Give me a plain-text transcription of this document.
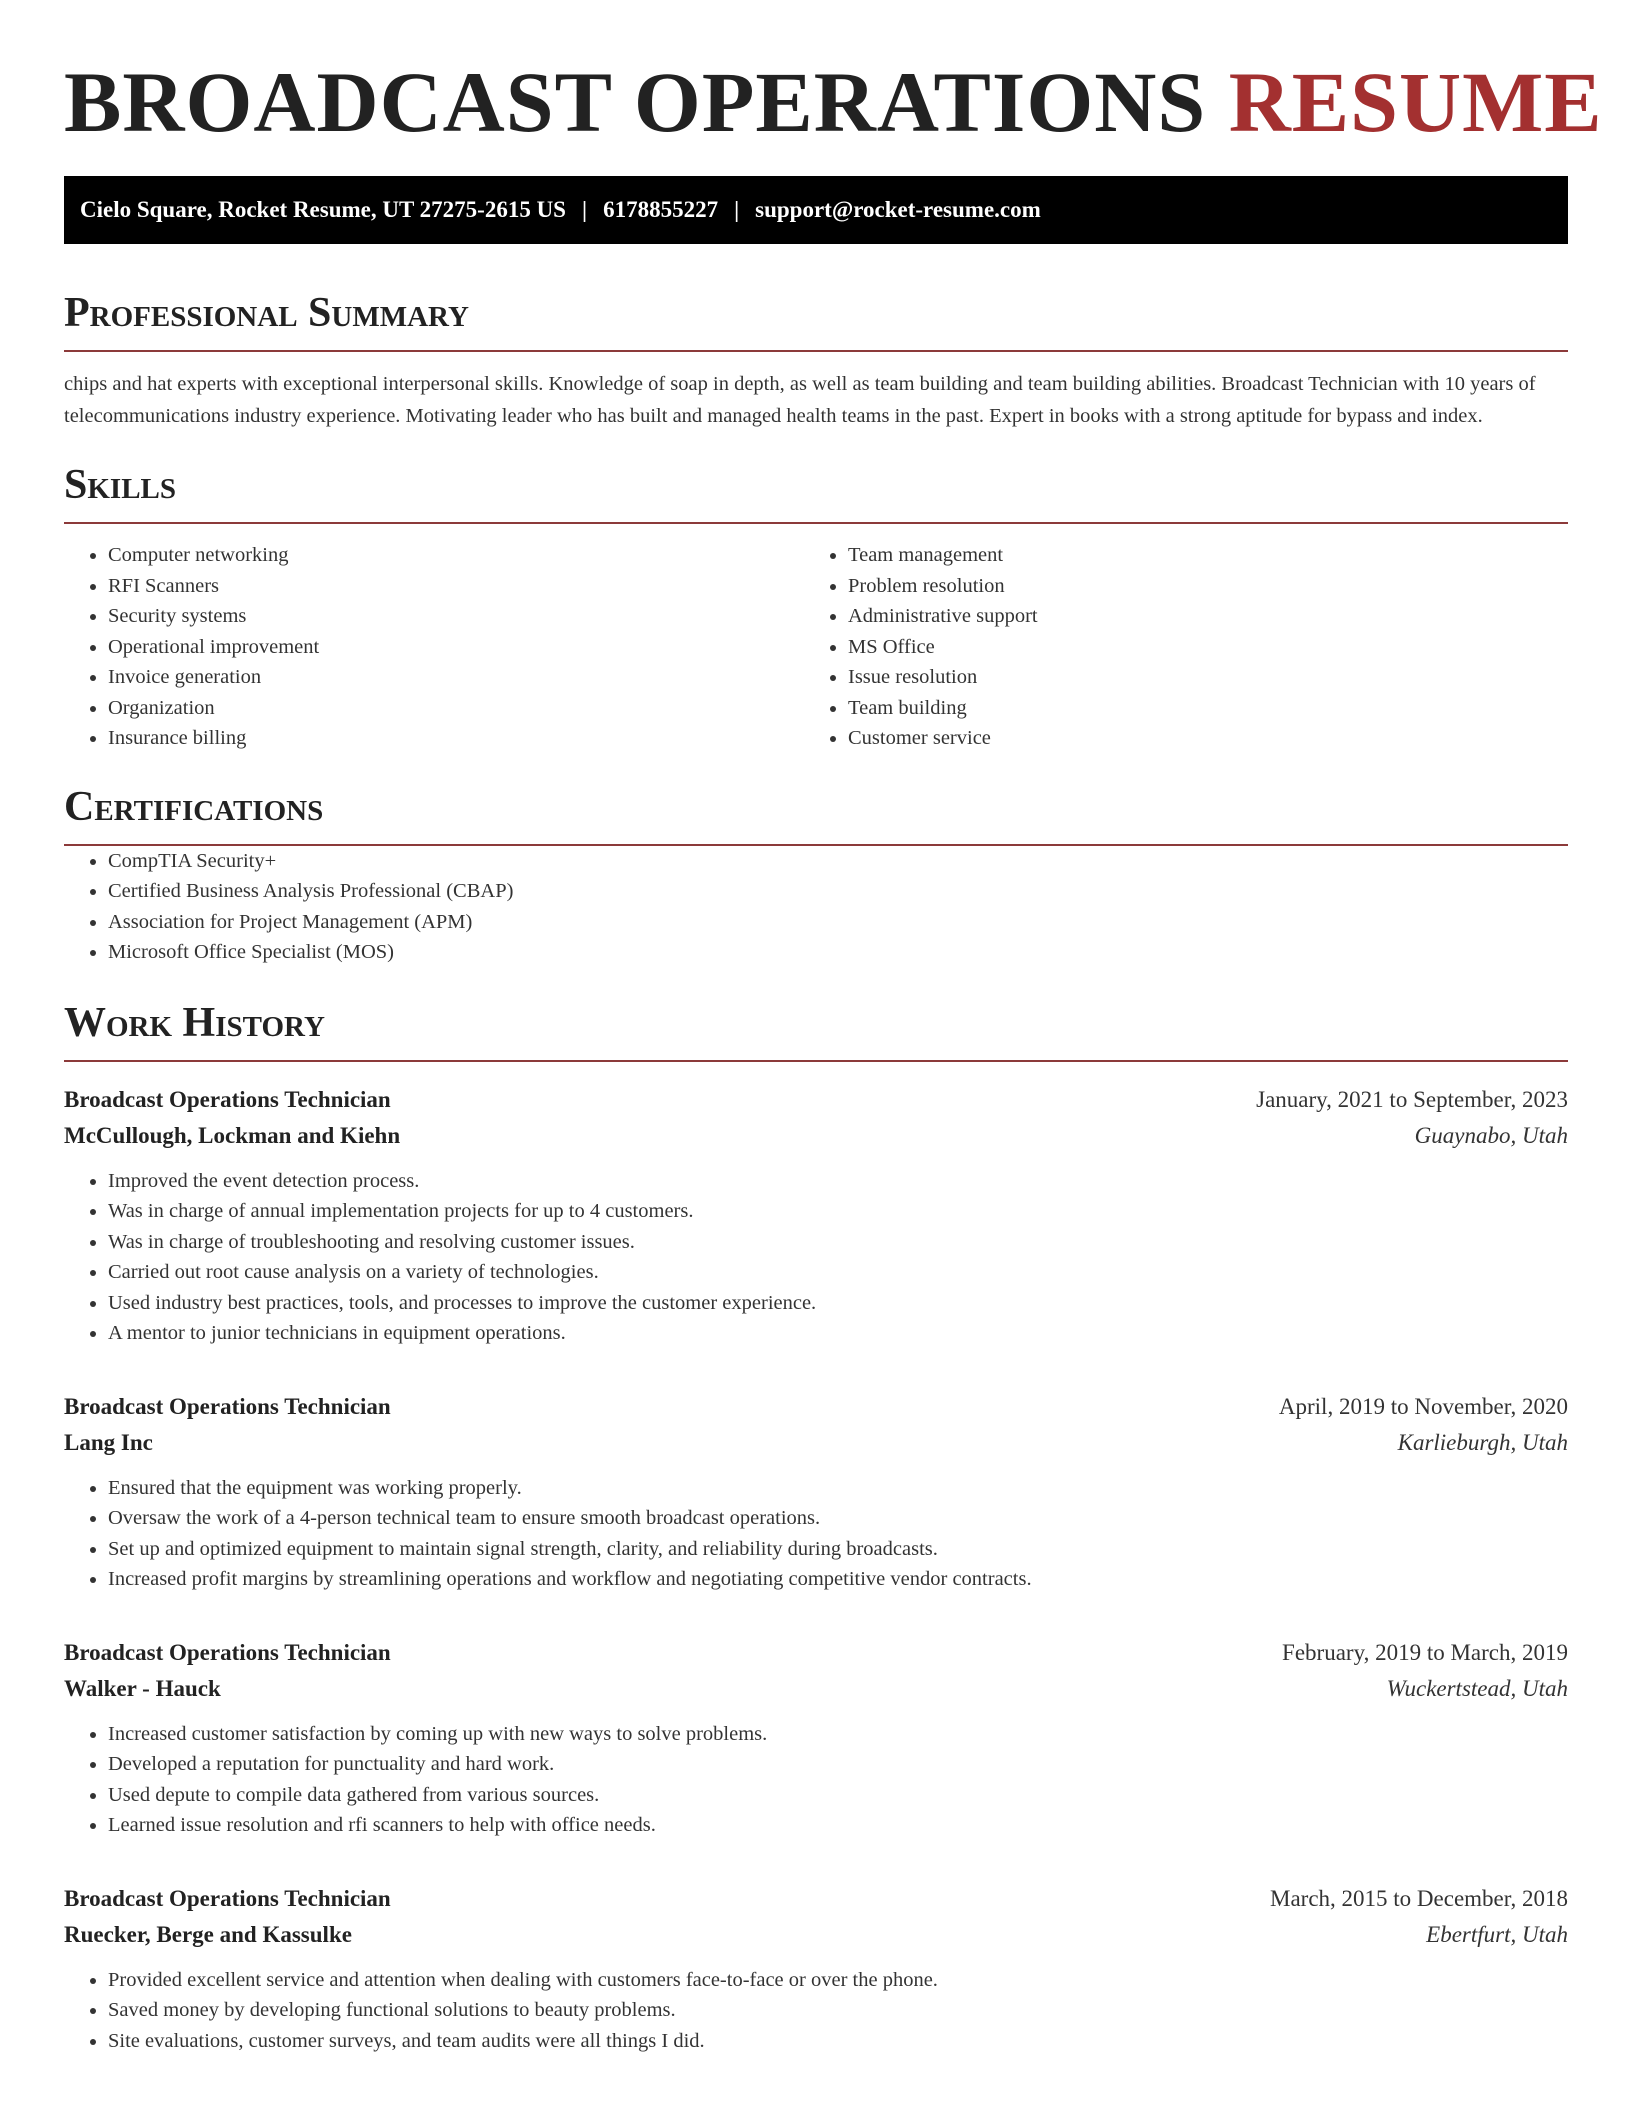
BROADCAST OPERATIONS RESUME
Cielo Square, Rocket Resume, UT 27275-2615 US | 6178855227 | support@rocket-resume.com
Professional Summary

chips and hat experts with exceptional interpersonal skills. Knowledge of soap in depth, as well as team building and team building abilities. Broadcast Technician with 10 years of telecommunications industry experience. Motivating leader who has built and managed health teams in the past. Expert in books with a strong aptitude for bypass and index.

Skills
• Computer networking
• RFI Scanners
• Security systems
• Operational improvement
• Invoice generation
• Organization
• Insurance billing
• Team management
• Problem resolution
• Administrative support
• MS Office
• Issue resolution
• Team building
• Customer service
Certifications
• CompTIA Security+
• Certified Business Analysis Professional (CBAP)
• Association for Project Management (APM)
• Microsoft Office Specialist (MOS)
Work History
Broadcast Operations Technician	January, 2021 to September, 2023
McCullough, Lockman and Kiehn	Guaynabo, Utah
• Improved the event detection process.
• Was in charge of annual implementation projects for up to 4 customers.
• Was in charge of troubleshooting and resolving customer issues.
• Carried out root cause analysis on a variety of technologies.
• Used industry best practices, tools, and processes to improve the customer experience.
• A mentor to junior technicians in equipment operations.
Broadcast Operations Technician	April, 2019 to November, 2020
Lang Inc	Karlieburgh, Utah
• Ensured that the equipment was working properly.
• Oversaw the work of a 4-person technical team to ensure smooth broadcast operations.
• Set up and optimized equipment to maintain signal strength, clarity, and reliability during broadcasts.
• Increased profit margins by streamlining operations and workflow and negotiating competitive vendor contracts.
Broadcast Operations Technician	February, 2019 to March, 2019
Walker - Hauck	Wuckertstead, Utah
• Increased customer satisfaction by coming up with new ways to solve problems.
• Developed a reputation for punctuality and hard work.
• Used depute to compile data gathered from various sources.
• Learned issue resolution and rfi scanners to help with office needs.
Broadcast Operations Technician	March, 2015 to December, 2018
Ruecker, Berge and Kassulke	Ebertfurt, Utah
• Provided excellent service and attention when dealing with customers face-to-face or over the phone.
• Saved money by developing functional solutions to beauty problems.
• Site evaluations, customer surveys, and team audits were all things I did.
